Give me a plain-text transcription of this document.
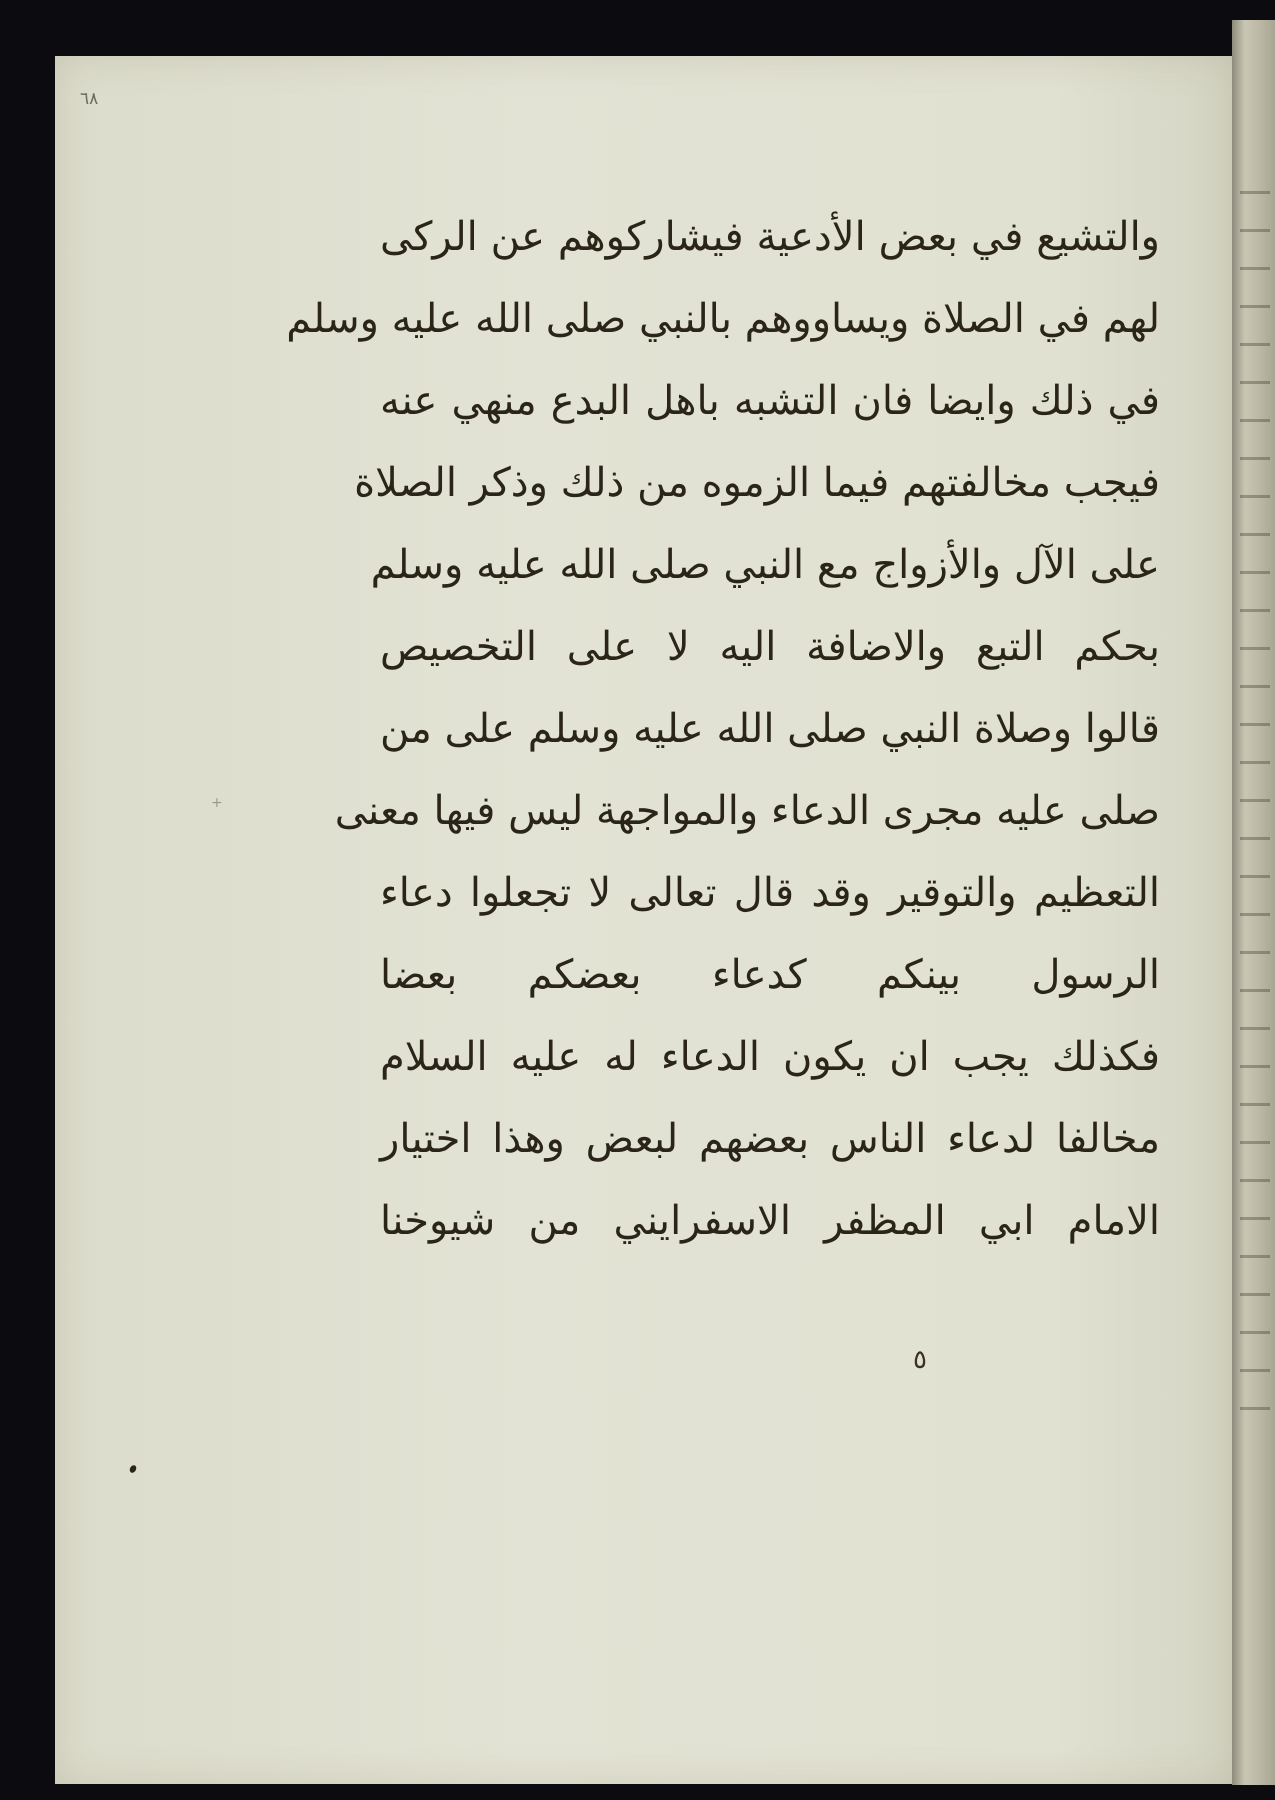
٦٨
والتشيع في بعض الأدعية فيشاركوهم عن الركى
لهم في الصلاة ويساووهم بالنبي صلى الله عليه وسلم
في ذلك وايضا فان التشبه باهل البدع منهي عنه
فيجب مخالفتهم فيما الزموه من ذلك وذكر الصلاة
على الآل والأزواج مع النبي صلى الله عليه وسلم
بحكم التبع والاضافة اليه لا على التخصيص
قالوا وصلاة النبي صلى الله عليه وسلم على من
صلى عليه مجرى الدعاء والمواجهة ليس فيها معنى
التعظيم والتوقير وقد قال تعالى لا تجعلوا دعاء
الرسول بينكم كدعاء بعضكم بعضا
فكذلك يجب ان يكون الدعاء له عليه السلام
مخالفا لدعاء الناس بعضهم لبعض وهذا اختيار
الامام ابي المظفر الاسفرايني من شيوخنا
٥
+
